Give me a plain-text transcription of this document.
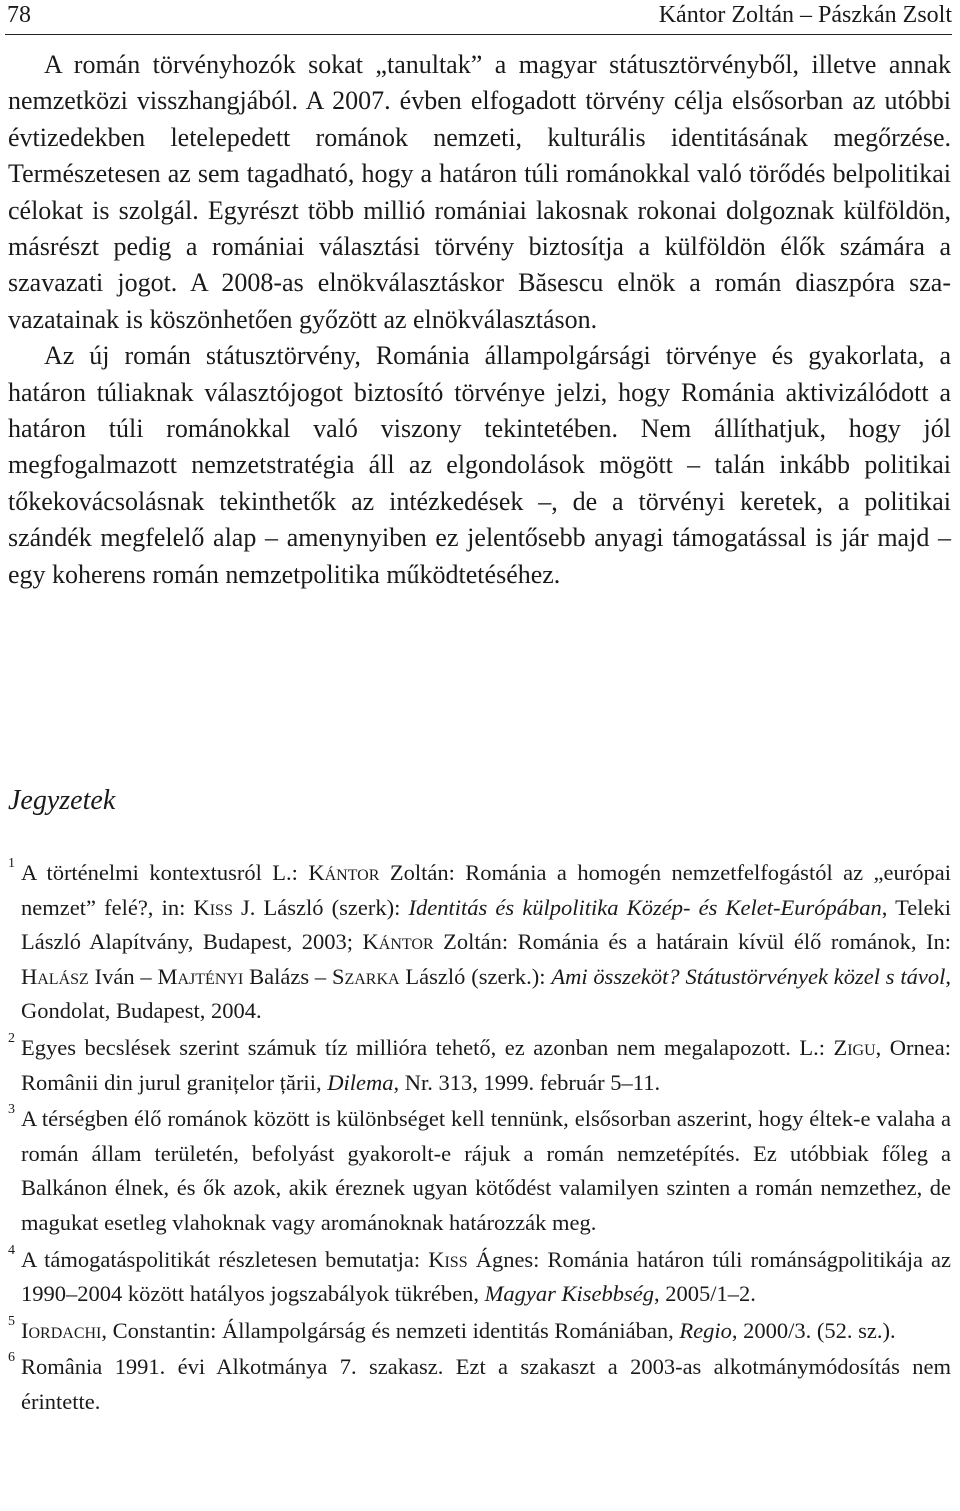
78	Kántor Zoltán – Pászkán Zsolt

A román törvényhozók sokat „tanultak” a magyar státusztörvényből, illetve annak nemzetközi visszhangjából. A 2007. évben elfogadott törvény célja elsősorban az utóbbi évtizedekben letelepedett románok nemzeti, kulturális identitásának megőrzése. Természetesen az sem tagadható, hogy a határon túli románokkal való törődés belpolitikai célokat is szolgál. Egyrészt több millió romániai lakosnak rokonai dolgoznak külföldön, másrészt pedig a romániai választási törvény biztosítja a külföldön élők számára a szavazati jogot. A 2008-as elnökválasztáskor Băsescu elnök a román diaszpóra szavazatainak is köszönhetően győzött az elnökválasztáson.

Az új román státusztörvény, Románia állampolgársági törvénye és gyakorlata, a határon túliaknak választójogot biztosító törvénye jelzi, hogy Románia aktivizálódott a határon túli románokkal való viszony tekintetében. Nem állíthatjuk, hogy jól megfogalmazott nemzetstratégia áll az elgondolások mögött – talán inkább politikai tőkekovácsolásnak tekinthetők az intézkedések –, de a törvényi keretek, a politikai szándék megfelelő alap – amenynyiben ez jelentősebb anyagi támogatással is jár majd – egy koherens román nemzetpolitika működtetéséhez.

Jegyzetek

1 A történelmi kontextusról L.: Kántor Zoltán: Románia a homogén nemzetfelfogástól az „európai nemzet” felé?, in: Kiss J. László (szerk): Identitás és külpolitika Közép- és Kelet-Európában, Teleki László Alapítvány, Budapest, 2003; Kántor Zoltán: Románia és a határain kívül élő románok, In: Halász Iván – Majtényi Balázs – Szarka László (szerk.): Ami összeköt? Státustörvények közel s távol, Gondolat, Budapest, 2004.

2 Egyes becslések szerint számuk tíz millióra tehető, ez azonban nem megalapozott. L.: Zigu, Ornea: Românii din jurul granițelor țării, Dilema, Nr. 313, 1999. február 5–11.

3 A térségben élő románok között is különbséget kell tennünk, elsősorban aszerint, hogy éltek-e valaha a román állam területén, befolyást gyakorolt-e rájuk a román nemzetépítés. Ez utóbbiak főleg a Balkánon élnek, és ők azok, akik éreznek ugyan kötődést valamilyen szinten a román nemzethez, de magukat esetleg vlahoknak vagy arománoknak határozzák meg.

4 A támogatáspolitikát részletesen bemutatja: Kiss Ágnes: Románia határon túli románságpolitikája az 1990–2004 között hatályos jogszabályok tükrében, Magyar Kisebbség, 2005/1–2.

5 Iordachi, Constantin: Állampolgárság és nemzeti identitás Romániában, Regio, 2000/3. (52. sz.).

6 România 1991. évi Alkotmánya 7. szakasz. Ezt a szakaszt a 2003-as alkotmánymódosítás nem érintette.
